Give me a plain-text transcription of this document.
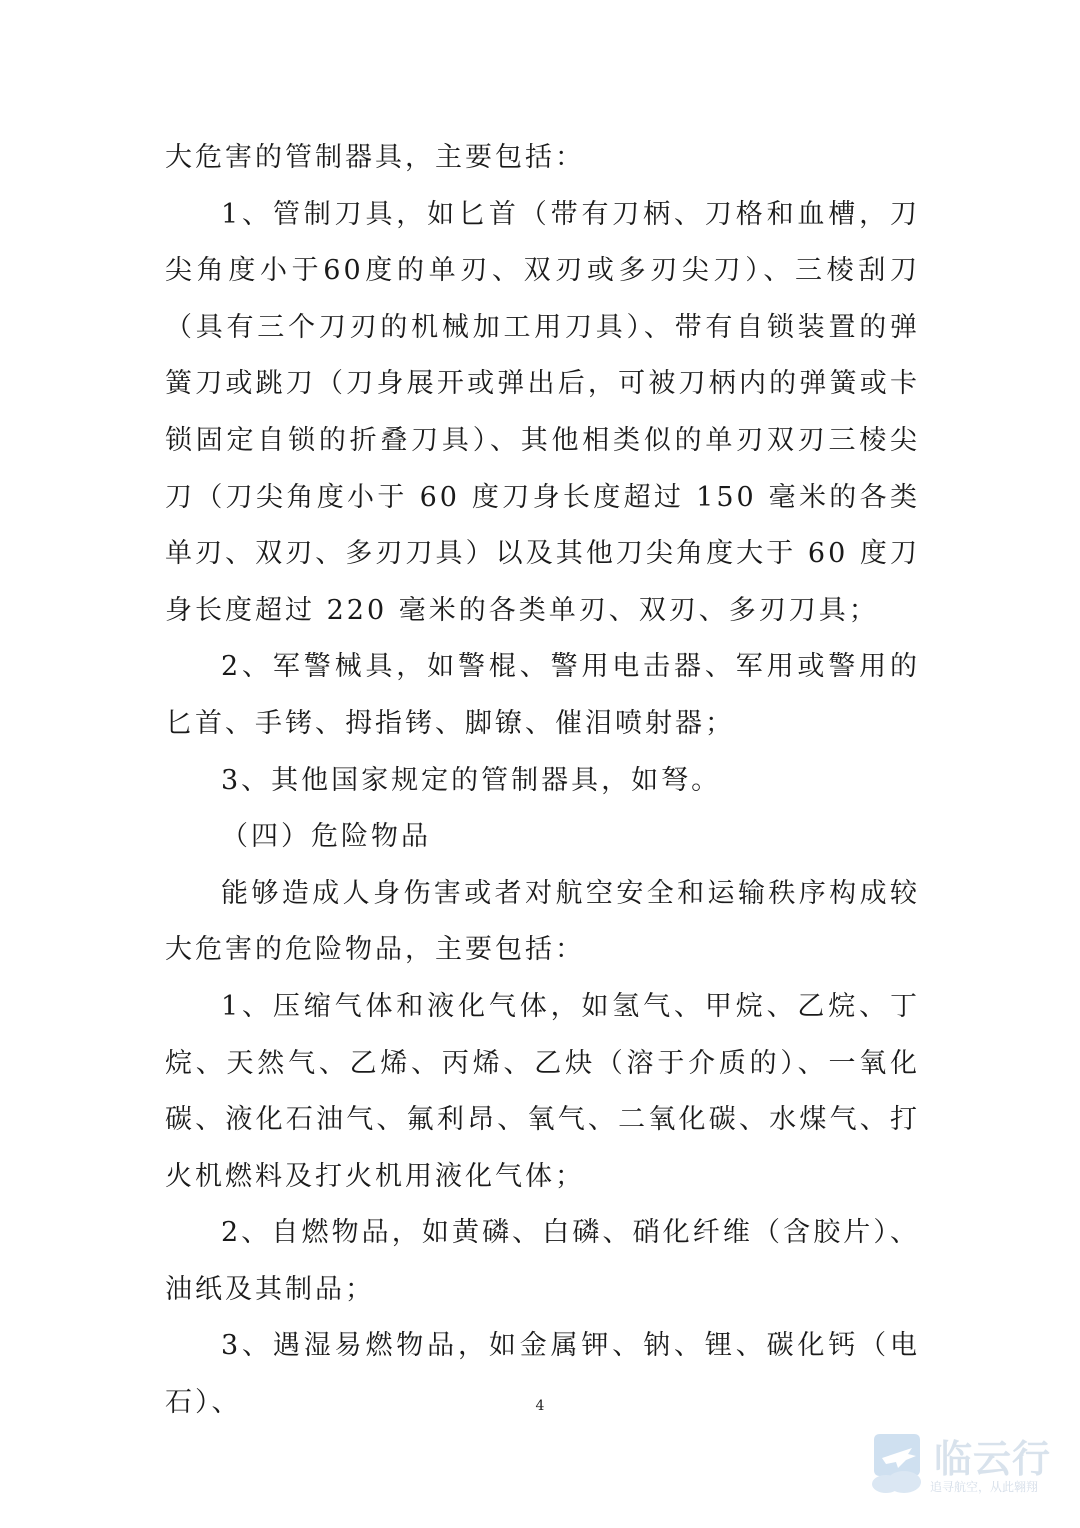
大危害的管制器具，主要包括：

1、管制刀具，如匕首（带有刀柄、刀格和血槽，刀尖角度小于60度的单刃、双刃或多刃尖刀）、三棱刮刀（具有三个刀刃的机械加工用刀具）、带有自锁装置的弹簧刀或跳刀（刀身展开或弹出后，可被刀柄内的弹簧或卡锁固定自锁的折叠刀具）、其他相类似的单刃双刃三棱尖刀（刀尖角度小于 60 度刀身长度超过 150 毫米的各类单刃、双刃、多刃刀具）以及其他刀尖角度大于 60 度刀身长度超过 220 毫米的各类单刃、双刃、多刃刀具；

2、军警械具，如警棍、警用电击器、军用或警用的匕首、手铐、拇指铐、脚镣、催泪喷射器；

3、其他国家规定的管制器具，如弩。

（四）危险物品

能够造成人身伤害或者对航空安全和运输秩序构成较大危害的危险物品，主要包括：

1、压缩气体和液化气体，如氢气、甲烷、乙烷、丁烷、天然气、乙烯、丙烯、乙炔（溶于介质的）、一氧化碳、液化石油气、氟利昂、氧气、二氧化碳、水煤气、打火机燃料及打火机用液化气体；

2、自燃物品，如黄磷、白磷、硝化纤维（含胶片）、油纸及其制品；

3、遇湿易燃物品，如金属钾、钠、锂、碳化钙（电石）、	4
临云行
追寻航空，从此翱翔
